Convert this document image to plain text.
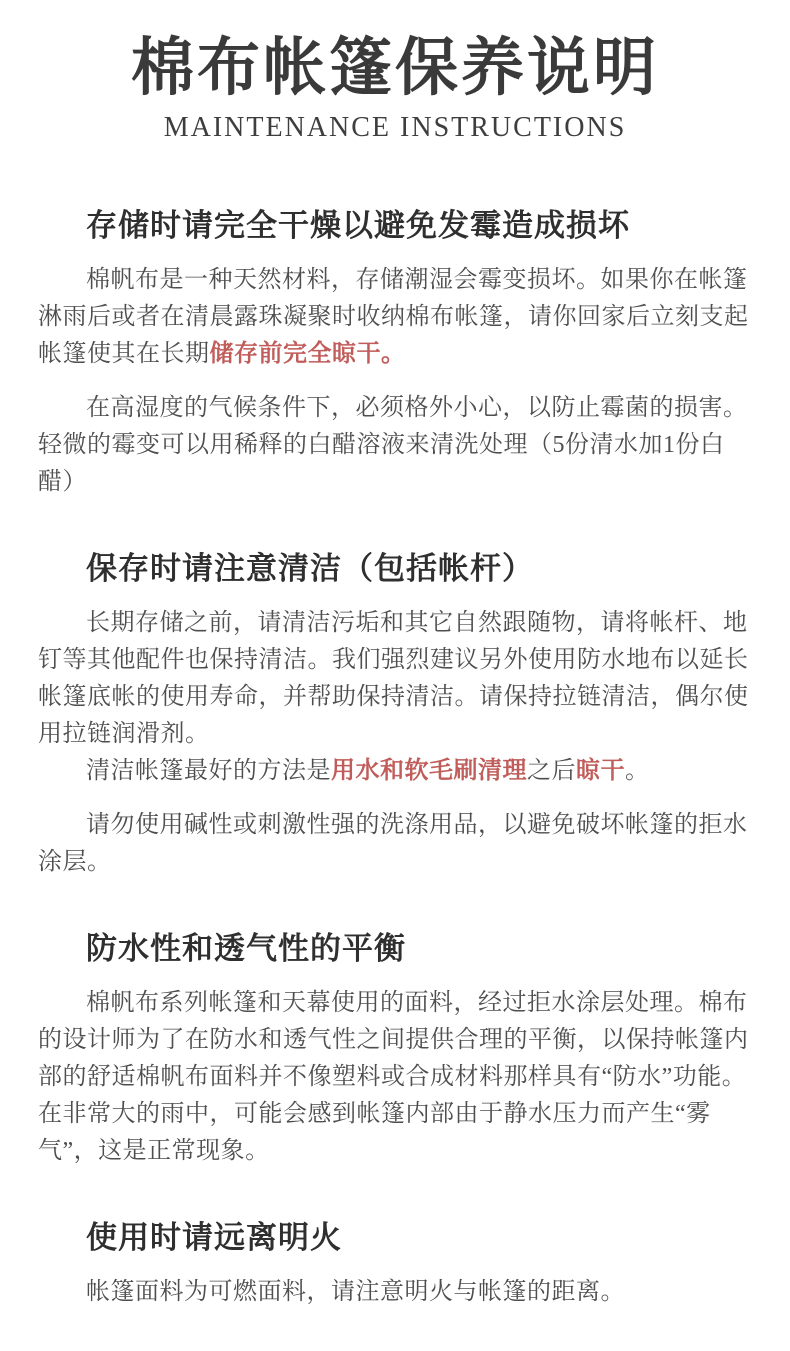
棉布帐篷保养说明
MAINTENANCE INSTRUCTIONS
存储时请完全干燥以避免发霉造成损坏

棉帆布是一种天然材料，存储潮湿会霉变损坏。如果你在帐篷淋雨后或者在清晨露珠凝聚时收纳棉布帐篷，请你回家后立刻支起帐篷使其在长期储存前完全晾干。

在高湿度的气候条件下，必须格外小心，以防止霉菌的损害。轻微的霉变可以用稀释的白醋溶液来清洗处理（5份清水加1份白醋）

保存时请注意清洁（包括帐杆）

长期存储之前，请清洁污垢和其它自然跟随物，请将帐杆、地钉等其他配件也保持清洁。我们强烈建议另外使用防水地布以延长帐篷底帐的使用寿命，并帮助保持清洁。请保持拉链清洁，偶尔使用拉链润滑剂。

清洁帐篷最好的方法是用水和软毛刷清理之后晾干。

请勿使用碱性或刺激性强的洗涤用品，以避免破坏帐篷的拒水涂层。

防水性和透气性的平衡

棉帆布系列帐篷和天幕使用的面料，经过拒水涂层处理。棉布的设计师为了在防水和透气性之间提供合理的平衡，以保持帐篷内部的舒适棉帆布面料并不像塑料或合成材料那样具有“防水”功能。在非常大的雨中，可能会感到帐篷内部由于静水压力而产生“雾气”，这是正常现象。

使用时请远离明火

帐篷面料为可燃面料，请注意明火与帐篷的距离。
